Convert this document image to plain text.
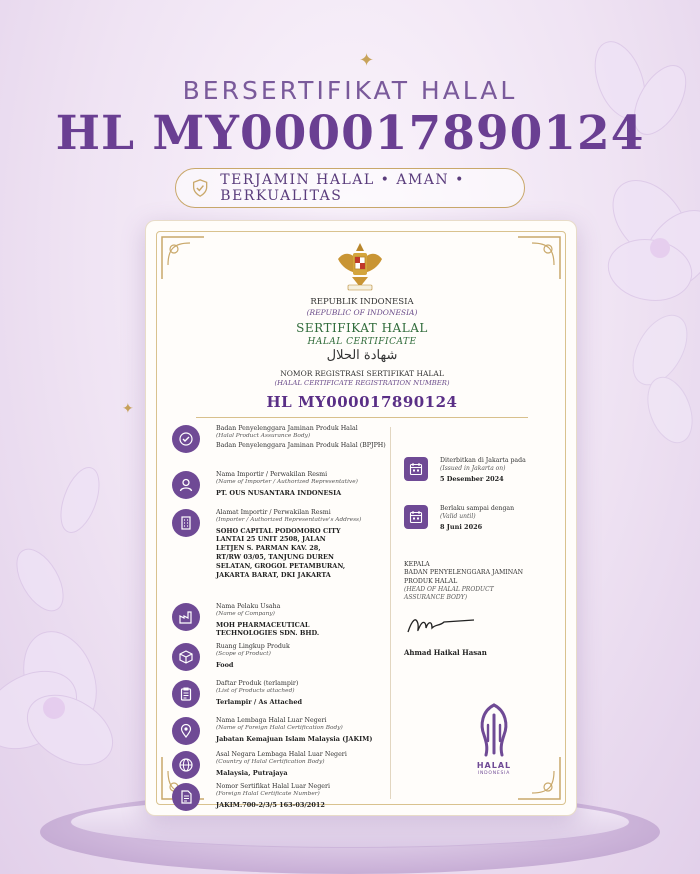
✦
✦
BERSERTIFIKAT HALAL
HL MY000017890124
TERJAMIN HALAL • AMAN • BERKUALITAS
REPUBLIK INDONESIA
(REPUBLIC OF INDONESIA)
SERTIFIKAT HALAL
HALAL CERTIFICATE
شهادة الحلال
NOMOR REGISTRASI SERTIFIKAT HALAL
(HALAL CERTIFICATE REGISTRATION NUMBER)
HL MY000017890124
Badan Penyelenggara Jaminan Produk Halal
(Halal Product Assurance Body)
Badan Penyelenggara Jaminan Produk Halal (BPJPH)
Nama Importir / Perwakilan Resmi
(Name of Importer / Authorized Representative)
PT. OUS NUSANTARA INDONESIA
Alamat Importir / Perwakilan Resmi
(Importer / Authorized Representative's Address)
SOHO CAPITAL PODOMORO CITY LANTAI 25 UNIT 2508, JALAN LETJEN S. PARMAN KAV. 28, RT/RW 03/05, TANJUNG DUREN SELATAN, GROGOL PETAMBURAN, JAKARTA BARAT, DKI JAKARTA
Nama Pelaku Usaha
(Name of Company)
MOH PHARMACEUTICAL TECHNOLOGIES SDN. BHD.
Ruang Lingkup Produk
(Scope of Product)
Food
Daftar Produk (terlampir)
(List of Products attached)
Terlampir / As Attached
Nama Lembaga Halal Luar Negeri
(Name of Foreign Halal Certification Body)
Jabatan Kemajuan Islam Malaysia (JAKIM)
Asal Negara Lembaga Halal Luar Negeri
(Country of Halal Certification Body)
Malaysia, Putrajaya
Nomor Sertifikat Halal Luar Negeri
(Foreign Halal Certificate Number)
JAKIM.700-2/3/5 163-03/2012
Diterbitkan di Jakarta pada
(Issued in Jakarta on)
5 Desember 2024
Berlaku sampai dengan
(Valid until)
8 Juni 2026
KEPALA
BADAN PENYELENGGARA JAMINAN PRODUK HALAL
(HEAD OF HALAL PRODUCT ASSURANCE BODY)
Ahmad Haikal Hasan
HALAL
INDONESIA
